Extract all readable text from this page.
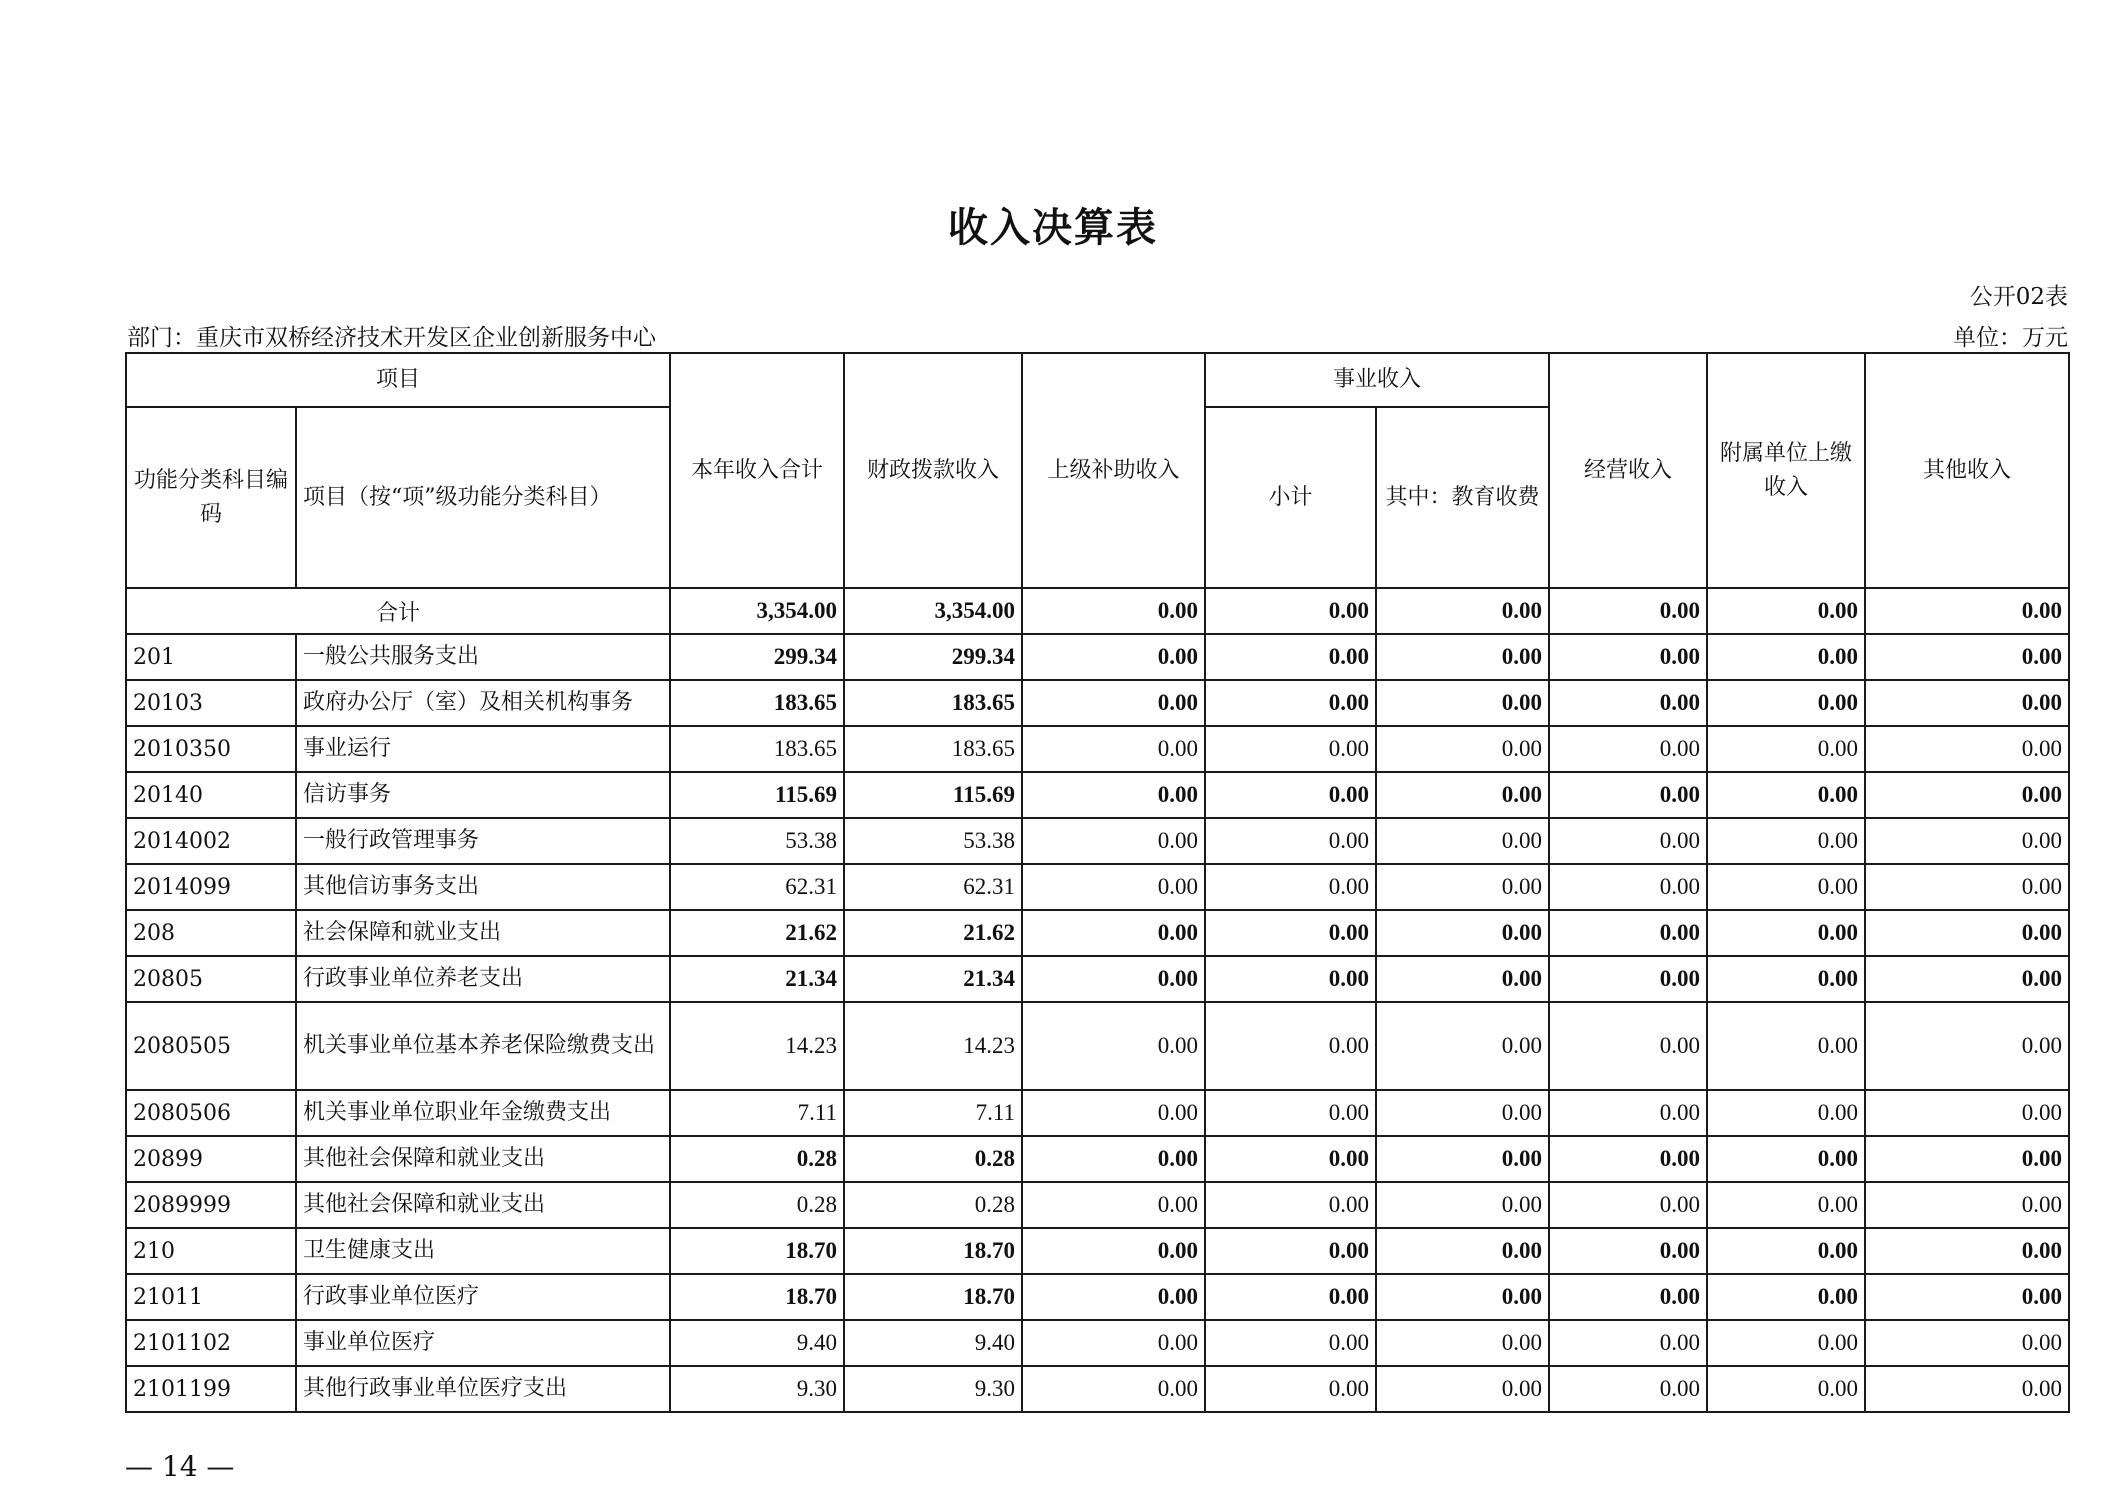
收入决算表
公开02表
部门：重庆市双桥经济技术开发区企业创新服务中心	单位：万元
项目		本年收入合计	财政拨款收入	上级补助收入	事业收入		经营收入	附属单位上缴收入	其他收入
功能分类科目编码	项目（按“项”级功能分类科目）				小计	其中：教育收费			
合计		3,354.00	3,354.00	0.00	0.00	0.00	0.00	0.00	0.00
201	一般公共服务支出	299.34	299.34	0.00	0.00	0.00	0.00	0.00	0.00
20103	政府办公厅（室）及相关机构事务	183.65	183.65	0.00	0.00	0.00	0.00	0.00	0.00
2010350	事业运行	183.65	183.65	0.00	0.00	0.00	0.00	0.00	0.00
20140	信访事务	115.69	115.69	0.00	0.00	0.00	0.00	0.00	0.00
2014002	一般行政管理事务	53.38	53.38	0.00	0.00	0.00	0.00	0.00	0.00
2014099	其他信访事务支出	62.31	62.31	0.00	0.00	0.00	0.00	0.00	0.00
208	社会保障和就业支出	21.62	21.62	0.00	0.00	0.00	0.00	0.00	0.00
20805	行政事业单位养老支出	21.34	21.34	0.00	0.00	0.00	0.00	0.00	0.00
2080505	机关事业单位基本养老保险缴费支出	14.23	14.23	0.00	0.00	0.00	0.00	0.00	0.00
2080506	机关事业单位职业年金缴费支出	7.11	7.11	0.00	0.00	0.00	0.00	0.00	0.00
20899	其他社会保障和就业支出	0.28	0.28	0.00	0.00	0.00	0.00	0.00	0.00
2089999	其他社会保障和就业支出	0.28	0.28	0.00	0.00	0.00	0.00	0.00	0.00
210	卫生健康支出	18.70	18.70	0.00	0.00	0.00	0.00	0.00	0.00
21011	行政事业单位医疗	18.70	18.70	0.00	0.00	0.00	0.00	0.00	0.00
2101102	事业单位医疗	9.40	9.40	0.00	0.00	0.00	0.00	0.00	0.00
2101199	其他行政事业单位医疗支出	9.30	9.30	0.00	0.00	0.00	0.00	0.00	0.00
— 14 —
